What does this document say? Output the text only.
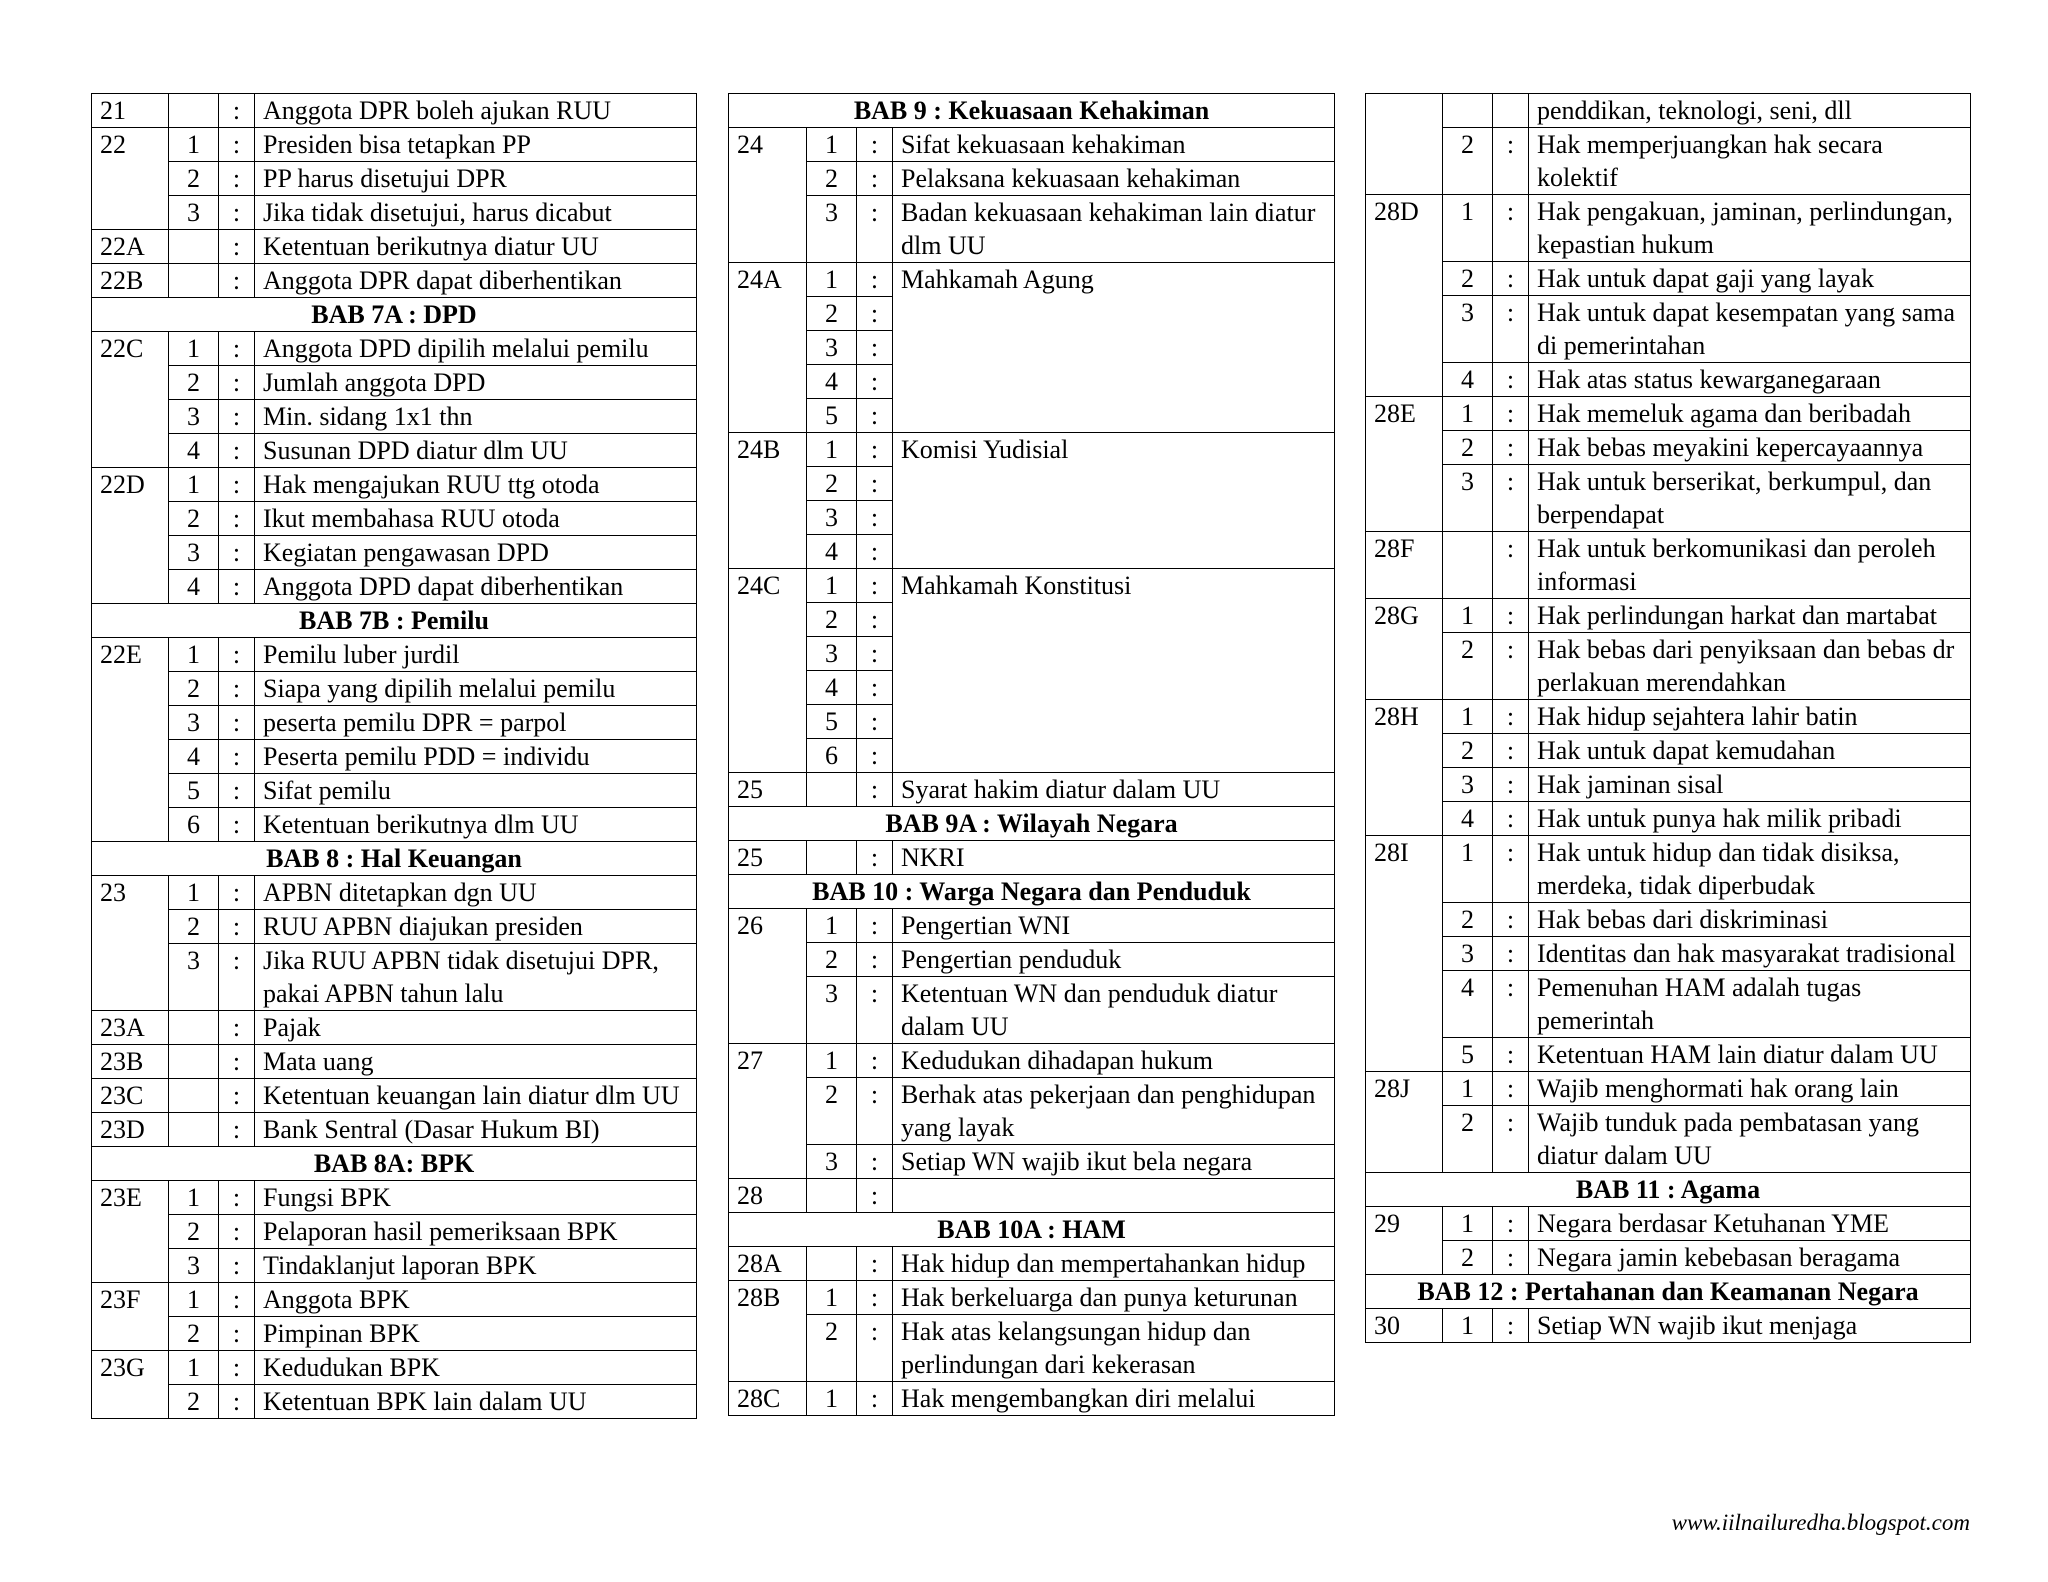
21		:	Anggota DPR boleh ajukan RUU
22	1	:	Presiden bisa tetapkan PP
	2	:	PP harus disetujui DPR
	3	:	Jika tidak disetujui, harus dicabut
22A		:	Ketentuan berikutnya diatur UU
22B		:	Anggota DPR dapat diberhentikan
BAB 7A : DPD			
22C	1	:	Anggota DPD dipilih melalui pemilu
	2	:	Jumlah anggota DPD
	3	:	Min. sidang 1x1 thn
	4	:	Susunan DPD diatur dlm UU
22D	1	:	Hak mengajukan RUU ttg otoda
	2	:	Ikut membahasa RUU otoda
	3	:	Kegiatan pengawasan DPD
	4	:	Anggota DPD dapat diberhentikan
BAB 7B : Pemilu			
22E	1	:	Pemilu luber jurdil
	2	:	Siapa yang dipilih melalui pemilu
	3	:	peserta pemilu DPR = parpol
	4	:	Peserta pemilu PDD = individu
	5	:	Sifat pemilu
	6	:	Ketentuan berikutnya dlm UU
BAB 8 : Hal Keuangan			
23	1	:	APBN ditetapkan dgn UU
	2	:	RUU APBN diajukan presiden
	3	:	Jika RUU APBN tidak disetujui DPR, pakai APBN tahun lalu
23A		:	Pajak
23B		:	Mata uang
23C		:	Ketentuan keuangan lain diatur dlm UU
23D		:	Bank Sentral (Dasar Hukum BI)
BAB 8A: BPK			
23E	1	:	Fungsi BPK
	2	:	Pelaporan hasil pemeriksaan BPK
	3	:	Tindaklanjut laporan BPK
23F	1	:	Anggota BPK
	2	:	Pimpinan BPK
23G	1	:	Kedudukan BPK
	2	:	Ketentuan BPK lain dalam UU
BAB 9 : Kekuasaan Kehakiman			
24	1	:	Sifat kekuasaan kehakiman
	2	:	Pelaksana kekuasaan kehakiman
	3	:	Badan kekuasaan kehakiman lain diatur dlm UU
24A	1	:	Mahkamah Agung
	2	:	
	3	:	
	4	:	
	5	:	
24B	1	:	Komisi Yudisial
	2	:	
	3	:	
	4	:	
24C	1	:	Mahkamah Konstitusi
	2	:	
	3	:	
	4	:	
	5	:	
	6	:	
25		:	Syarat hakim diatur dalam UU
BAB 9A : Wilayah Negara			
25		:	NKRI
BAB 10 : Warga Negara dan Penduduk			
26	1	:	Pengertian WNI
	2	:	Pengertian penduduk
	3	:	Ketentuan WN dan penduduk diatur dalam UU
27	1	:	Kedudukan dihadapan hukum
	2	:	Berhak atas pekerjaan dan penghidupan yang layak
	3	:	Setiap WN wajib ikut bela negara
28		:	
BAB 10A : HAM			
28A		:	Hak hidup dan mempertahankan hidup
28B	1	:	Hak berkeluarga dan punya keturunan
	2	:	Hak atas kelangsungan hidup dan perlindungan dari kekerasan
28C	1	:	Hak mengembangkan diri melalui
			penddikan, teknologi, seni, dll
	2	:	Hak memperjuangkan hak secara kolektif
28D	1	:	Hak pengakuan, jaminan, perlindungan, kepastian hukum
	2	:	Hak untuk dapat gaji yang layak
	3	:	Hak untuk dapat kesempatan yang sama di pemerintahan
	4	:	Hak atas status kewarganegaraan
28E	1	:	Hak memeluk agama dan beribadah
	2	:	Hak bebas meyakini kepercayaannya
	3	:	Hak untuk berserikat, berkumpul, dan berpendapat
28F		:	Hak untuk berkomunikasi dan peroleh informasi
28G	1	:	Hak perlindungan harkat dan martabat
	2	:	Hak bebas dari penyiksaan dan bebas dr perlakuan merendahkan
28H	1	:	Hak hidup sejahtera lahir batin
	2	:	Hak untuk dapat kemudahan
	3	:	Hak jaminan sisal
	4	:	Hak untuk punya hak milik pribadi
28I	1	:	Hak untuk hidup dan tidak disiksa, merdeka, tidak diperbudak
	2	:	Hak bebas dari diskriminasi
	3	:	Identitas dan hak masyarakat tradisional
	4	:	Pemenuhan HAM adalah tugas pemerintah
	5	:	Ketentuan HAM lain diatur dalam UU
28J	1	:	Wajib menghormati hak orang lain
	2	:	Wajib tunduk pada pembatasan yang diatur dalam UU
BAB 11 : Agama			
29	1	:	Negara berdasar Ketuhanan YME
	2	:	Negara jamin kebebasan beragama
BAB 12 : Pertahanan dan Keamanan Negara			
30	1	:	Setiap WN wajib ikut menjaga
www.iilnailuredha.blogspot.com
